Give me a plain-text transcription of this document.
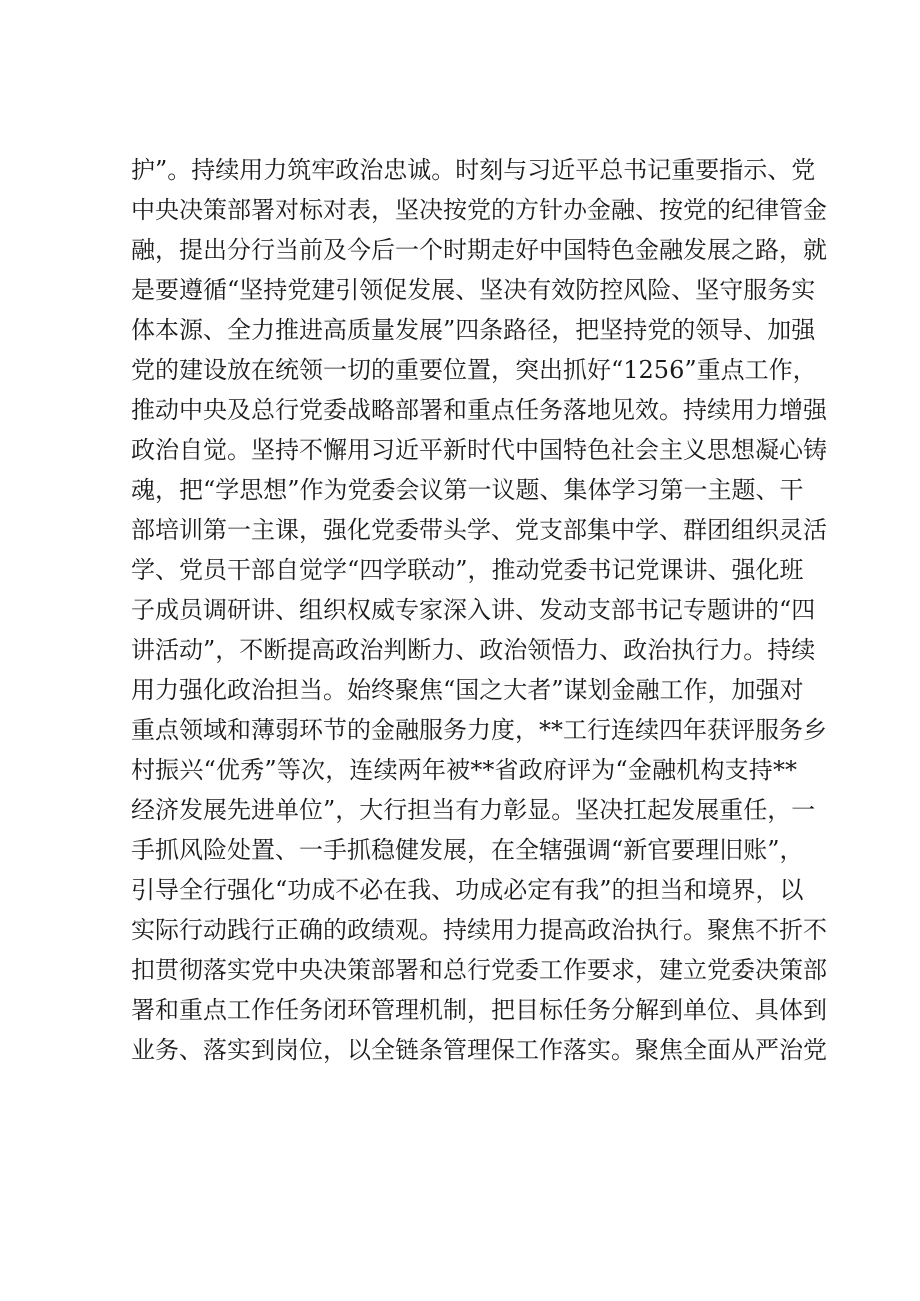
护”。持续用力筑牢政治忠诚。时刻与习近平总书记重要指示、党
中央决策部署对标对表，坚决按党的方针办金融、按党的纪律管金
融，提出分行当前及今后一个时期走好中国特色金融发展之路，就
是要遵循“坚持党建引领促发展、坚决有效防控风险、坚守服务实
体本源、全力推进高质量发展”四条路径，把坚持党的领导、加强
党的建设放在统领一切的重要位置，突出抓好“1256”重点工作，
推动中央及总行党委战略部署和重点任务落地见效。持续用力增强
政治自觉。坚持不懈用习近平新时代中国特色社会主义思想凝心铸
魂，把“学思想”作为党委会议第一议题、集体学习第一主题、干
部培训第一主课，强化党委带头学、党支部集中学、群团组织灵活
学、党员干部自觉学“四学联动”，推动党委书记党课讲、强化班
子成员调研讲、组织权威专家深入讲、发动支部书记专题讲的“四
讲活动”，不断提高政治判断力、政治领悟力、政治执行力。持续
用力强化政治担当。始终聚焦“国之大者”谋划金融工作，加强对
重点领域和薄弱环节的金融服务力度，**工行连续四年获评服务乡
村振兴“优秀”等次，连续两年被**省政府评为“金融机构支持**
经济发展先进单位”，大行担当有力彰显。坚决扛起发展重任，一
手抓风险处置、一手抓稳健发展，在全辖强调“新官要理旧账”，
引导全行强化“功成不必在我、功成必定有我”的担当和境界，以
实际行动践行正确的政绩观。持续用力提高政治执行。聚焦不折不
扣贯彻落实党中央决策部署和总行党委工作要求，建立党委决策部
署和重点工作任务闭环管理机制，把目标任务分解到单位、具体到
业务、落实到岗位，以全链条管理保工作落实。聚焦全面从严治党
